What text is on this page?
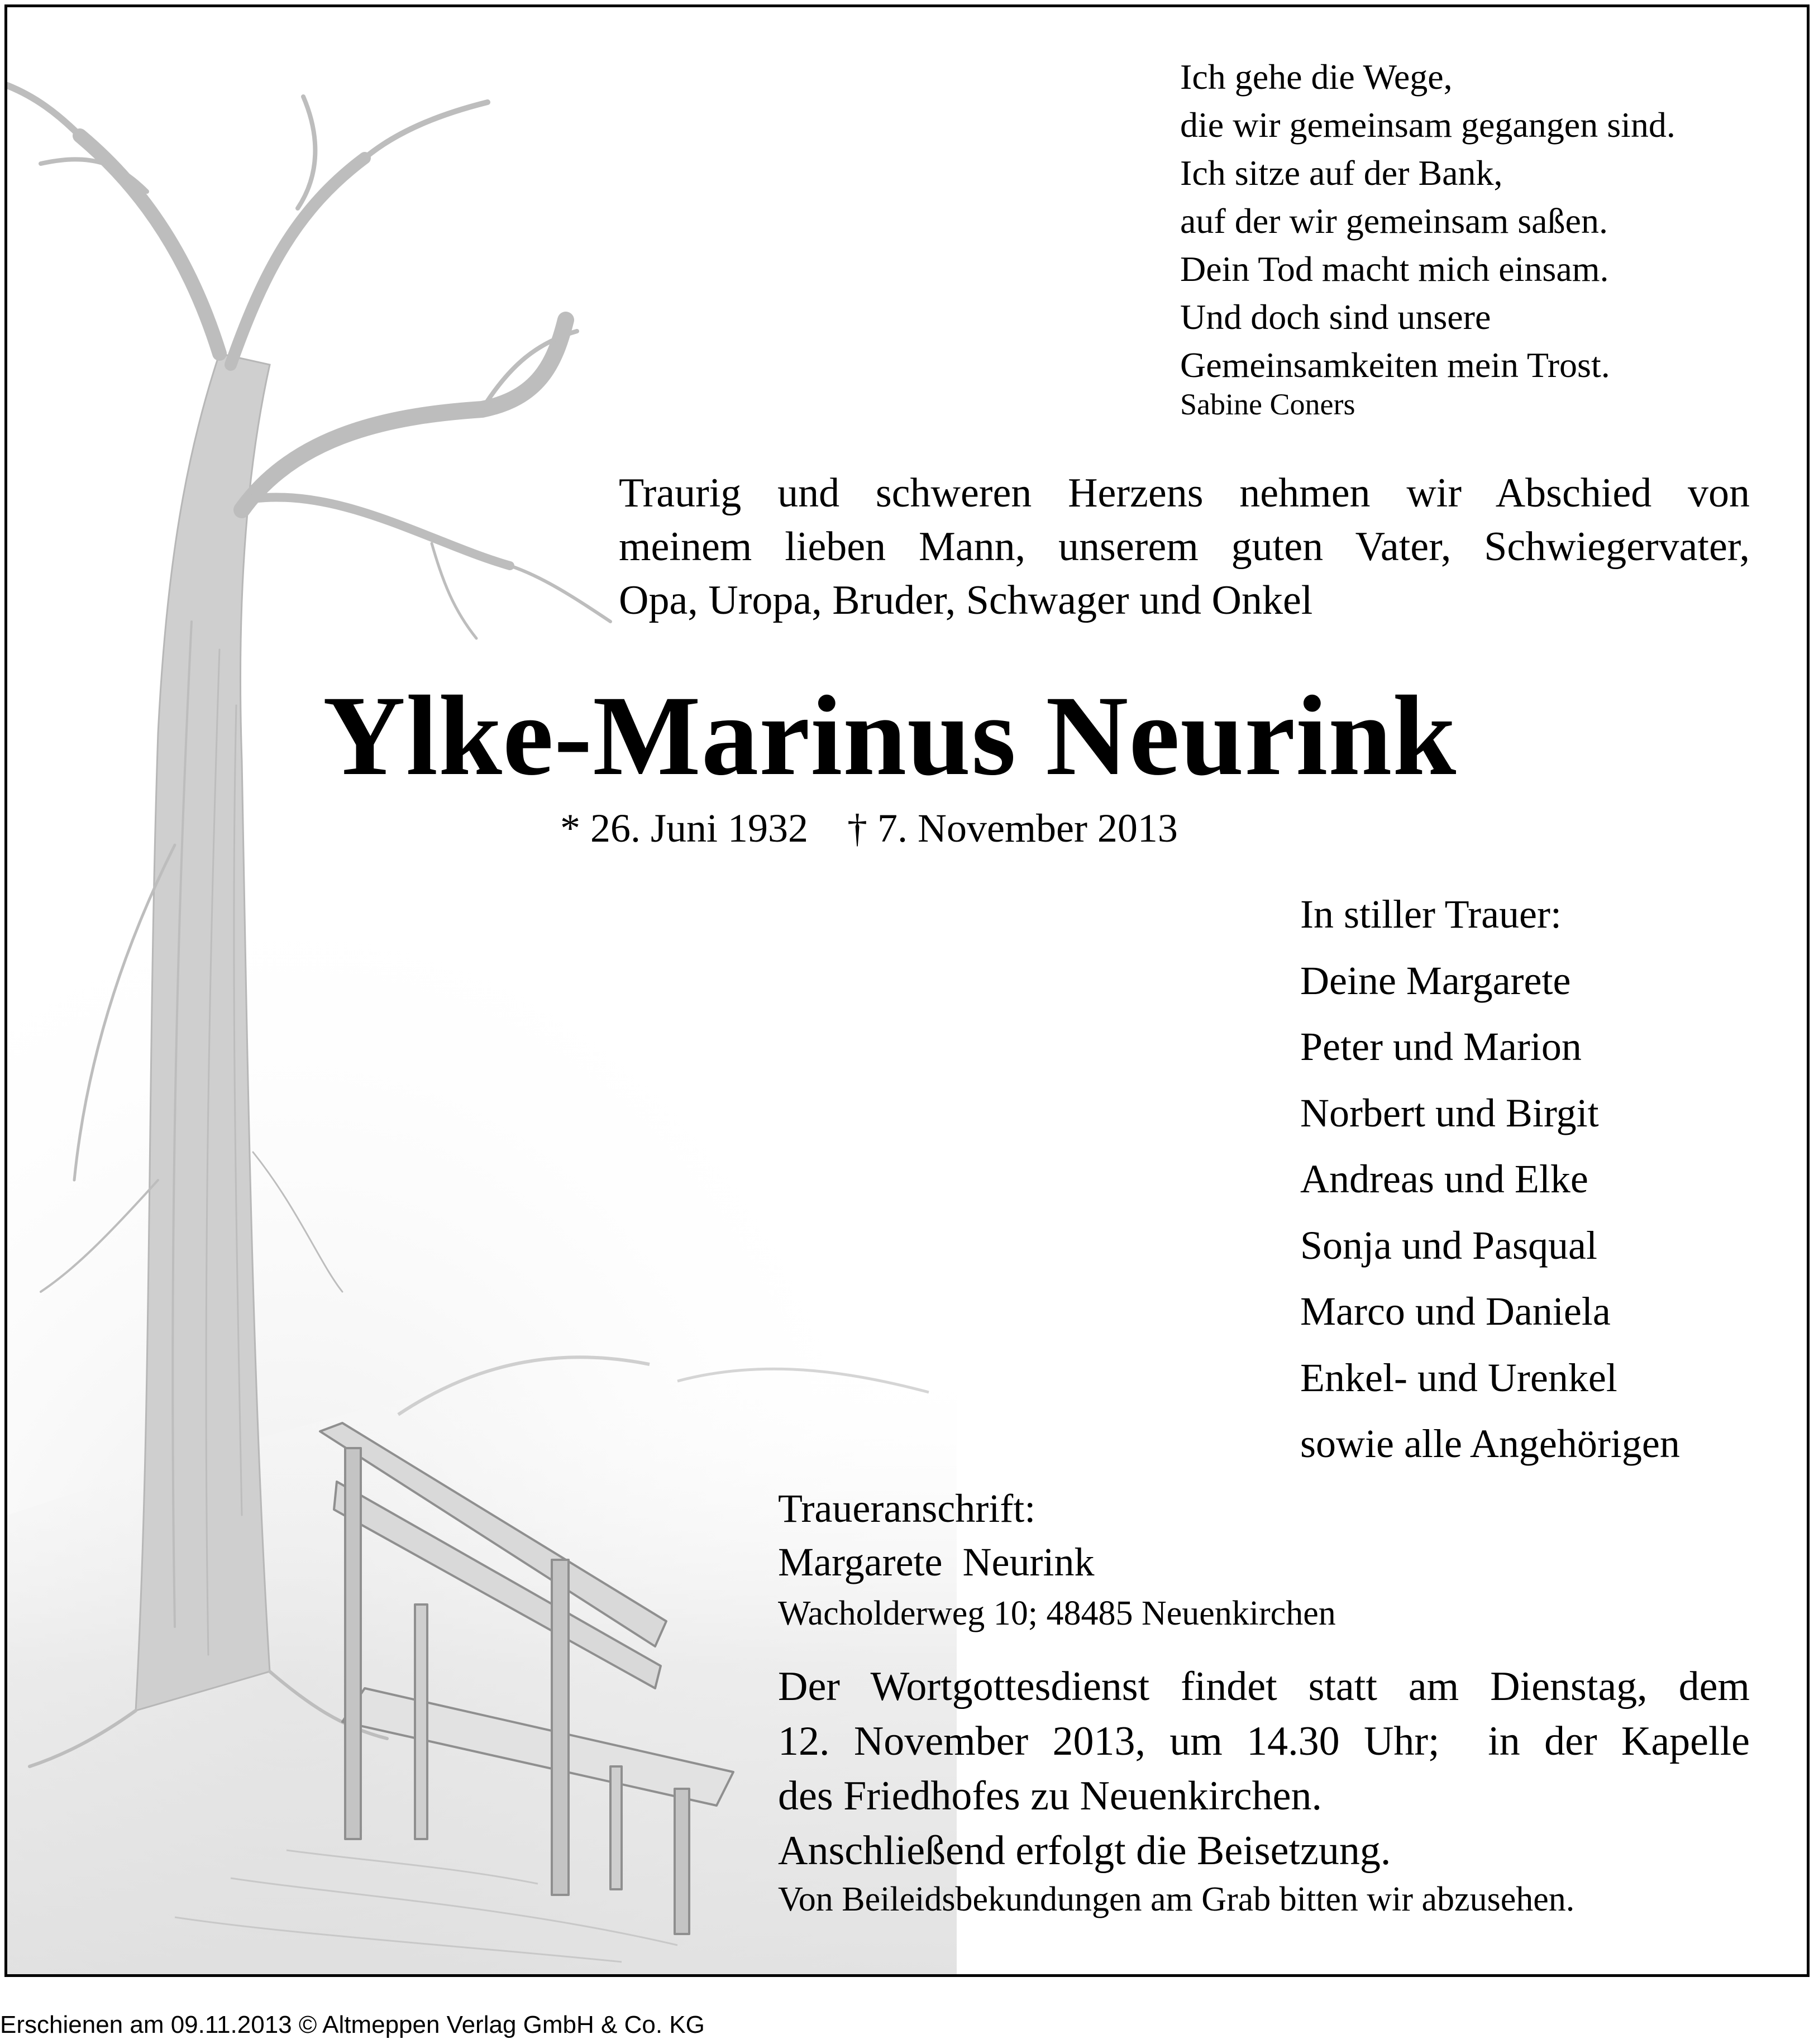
Ich gehe die Wege,
die wir gemeinsam gegangen sind.
Ich sitze auf der Bank,
auf der wir gemeinsam saßen.
Dein Tod macht mich einsam.
Und doch sind unsere
Gemeinsamkeiten mein Trost.
Sabine Coners
Traurig und schweren Herzens nehmen wir Abschied von
meinem lieben Mann, unserem guten Vater, Schwiegervater,
Opa, Uropa, Bruder, Schwager und Onkel
Ylke-Marinus Neurink
* 26. Juni 1932 † 7. November 2013
In stiller Trauer:
Deine Margarete
Peter und Marion
Norbert und Birgit
Andreas und Elke
Sonja und Pasqual
Marco und Daniela
Enkel- und Urenkel
sowie alle Angehörigen
Traueranschrift:
Margarete  Neurink
Wacholderweg 10; 48485 Neuenkirchen
Der Wortgottesdienst findet statt am Dienstag, dem
12. November 2013, um 14.30 Uhr;  in der Kapelle
des Friedhofes zu Neuenkirchen.
Anschließend erfolgt die Beisetzung.
Von Beileidsbekundungen am Grab bitten wir abzusehen.
Erschienen am 09.11.2013 © Altmeppen Verlag GmbH & Co. KG
